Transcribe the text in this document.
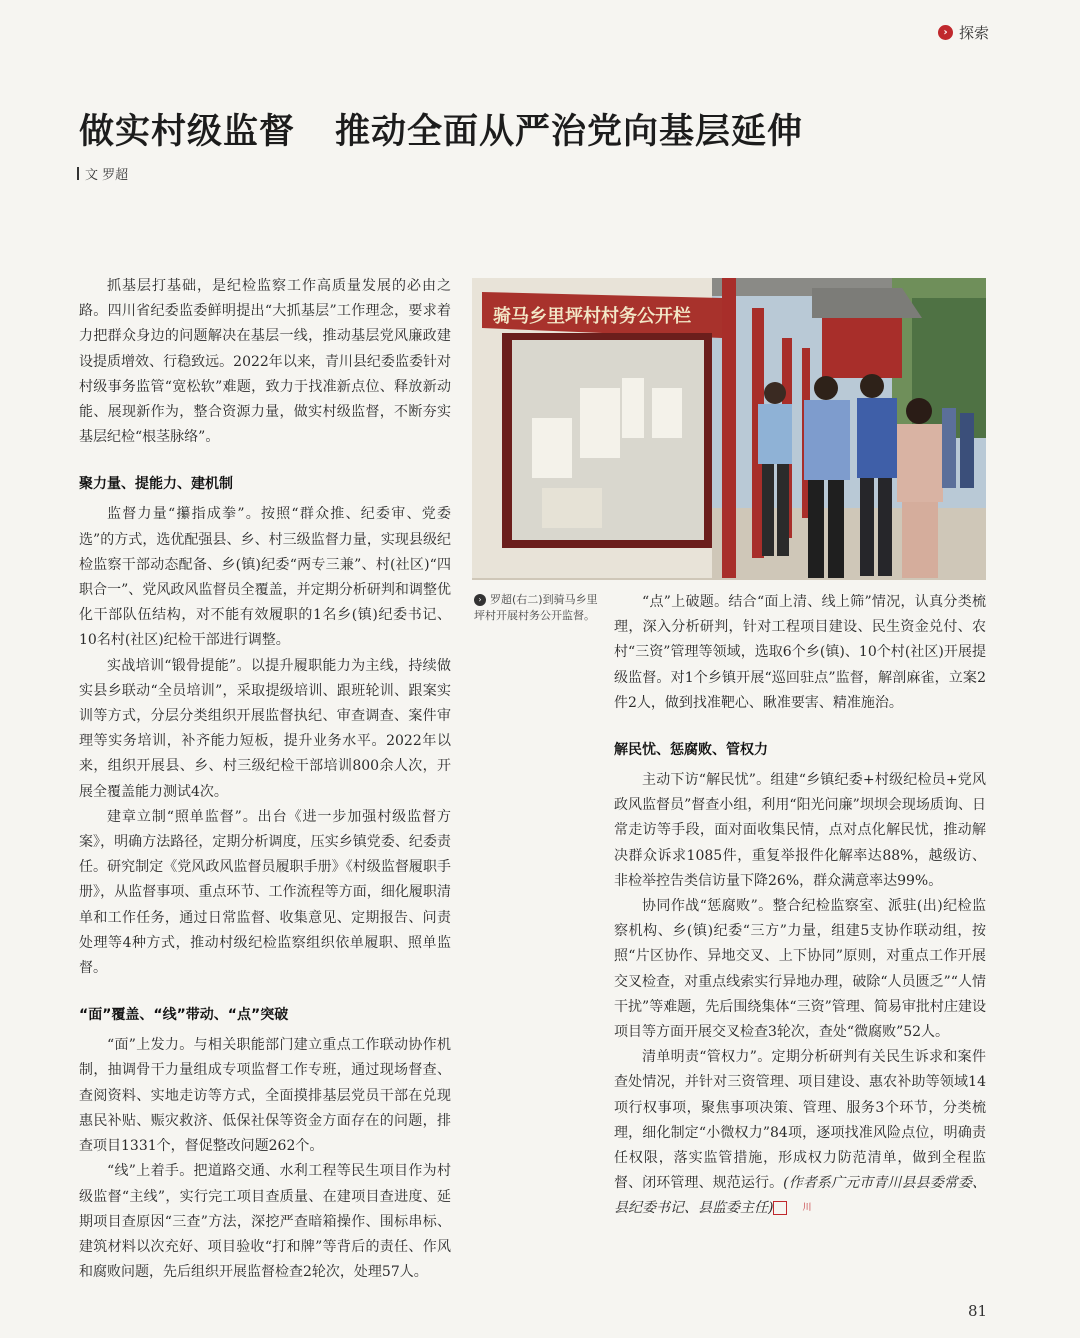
› 探索
做实村级监督 推动全面从严治党向基层延伸
文 罗超

抓基层打基础，是纪检监察工作高质量发展的必由之路。四川省纪委监委鲜明提出“大抓基层”工作理念，要求着力把群众身边的问题解决在基层一线，推动基层党风廉政建设提质增效、行稳致远。2022年以来，青川县纪委监委针对村级事务监管“宽松软”难题，致力于找准新点位、释放新动能、展现新作为，整合资源力量，做实村级监督，不断夯实基层纪检“根茎脉络”。

聚力量、提能力、建机制

监督力量“攥指成拳”。按照“群众推、纪委审、党委选”的方式，选优配强县、乡、村三级监督力量，实现县级纪检监察干部动态配备、乡(镇)纪委“两专三兼”、村(社区)“四职合一”、党风政风监督员全覆盖，并定期分析研判和调整优化干部队伍结构，对不能有效履职的1名乡(镇)纪委书记、10名村(社区)纪检干部进行调整。

实战培训“锻骨提能”。以提升履职能力为主线，持续做实县乡联动“全员培训”，采取提级培训、跟班轮训、跟案实训等方式，分层分类组织开展监督执纪、审查调查、案件审理等实务培训，补齐能力短板，提升业务水平。2022年以来，组织开展县、乡、村三级纪检干部培训800余人次，开展全覆盖能力测试4次。

建章立制“照单监督”。出台《进一步加强村级监督方案》，明确方法路径，定期分析调度，压实乡镇党委、纪委责任。研究制定《党风政风监督员履职手册》《村级监督履职手册》，从监督事项、重点环节、工作流程等方面，细化履职清单和工作任务，通过日常监督、收集意见、定期报告、问责处理等4种方式，推动村级纪检监察组织依单履职、照单监督。

“面”覆盖、“线”带动、“点”突破

“面”上发力。与相关职能部门建立重点工作联动协作机制，抽调骨干力量组成专项监督工作专班，通过现场督查、查阅资料、实地走访等方式，全面摸排基层党员干部在兑现惠民补贴、赈灾救济、低保社保等资金方面存在的问题，排查项目1331个，督促整改问题262个。

“线”上着手。把道路交通、水利工程等民生项目作为村级监督“主线”，实行完工项目查质量、在建项目查进度、延期项目查原因“三查”方法，深挖严查暗箱操作、围标串标、建筑材料以次充好、项目验收“打和牌”等背后的责任、作风和腐败问题，先后组织开展监督检查2轮次，处理57人。

骑马乡里坪村村务公开栏
› 罗超(右二)到骑马乡里坪村开展村务公开监督。

“点”上破题。结合“面上清、线上筛”情况，认真分类梳理，深入分析研判，针对工程项目建设、民生资金兑付、农村“三资”管理等领域，选取6个乡(镇)、10个村(社区)开展提级监督。对1个乡镇开展“巡回驻点”监督，解剖麻雀，立案2件2人，做到找准靶心、瞅准要害、精准施治。

解民忧、惩腐败、管权力

主动下访“解民忧”。组建“乡镇纪委+村级纪检员+党风政风监督员”督查小组，利用“阳光问廉”坝坝会现场质询、日常走访等手段，面对面收集民情，点对点化解民忧，推动解决群众诉求1085件，重复举报件化解率达88%，越级访、非检举控告类信访量下降26%，群众满意率达99%。

协同作战“惩腐败”。整合纪检监察室、派驻(出)纪检监察机构、乡(镇)纪委“三方”力量，组建5支协作联动组，按照“片区协作、异地交叉、上下协同”原则，对重点工作开展交叉检查，对重点线索实行异地办理，破除“人员匮乏”“人情干扰”等难题，先后围绕集体“三资”管理、简易审批村庄建设项目等方面开展交叉检查3轮次，查处“微腐败”52人。

清单明责“管权力”。定期分析研判有关民生诉求和案件查处情况，并针对三资管理、项目建设、惠农补助等领域14项行权事项，聚焦事项决策、管理、服务3个环节，分类梳理，细化制定“小微权力”84项，逐项找准风险点位，明确责任权限，落实监管措施，形成权力防范清单，做到全程监督、闭环管理、规范运行。(作者系广元市青川县县委常委、县纪委书记、县监委主任)	川

81
